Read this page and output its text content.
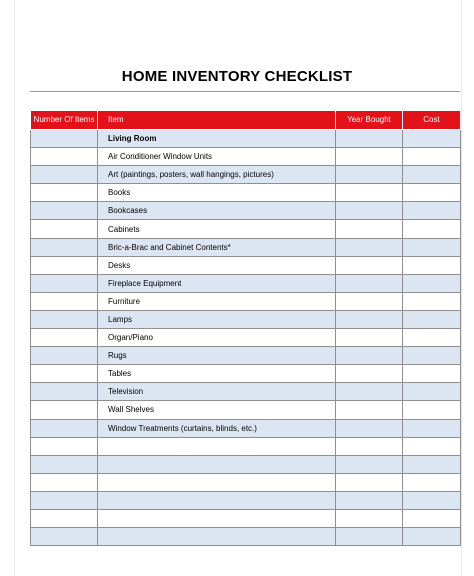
HOME INVENTORY CHECKLIST
Number Of Items	Item	Year Bought	Cost
	Living Room		
	Air Conditioner Window Units		
	Art (paintings, posters, wall hangings, pictures)		
	Books		
	Bookcases		
	Cabinets		
	Bric-a-Brac and Cabinet Contents*		
	Desks		
	Fireplace Equipment		
	Furniture		
	Lamps		
	Organ/Piano		
	Rugs		
	Tables		
	Television		
	Wall Shelves		
	Window Treatments (curtains, blinds, etc.)		
